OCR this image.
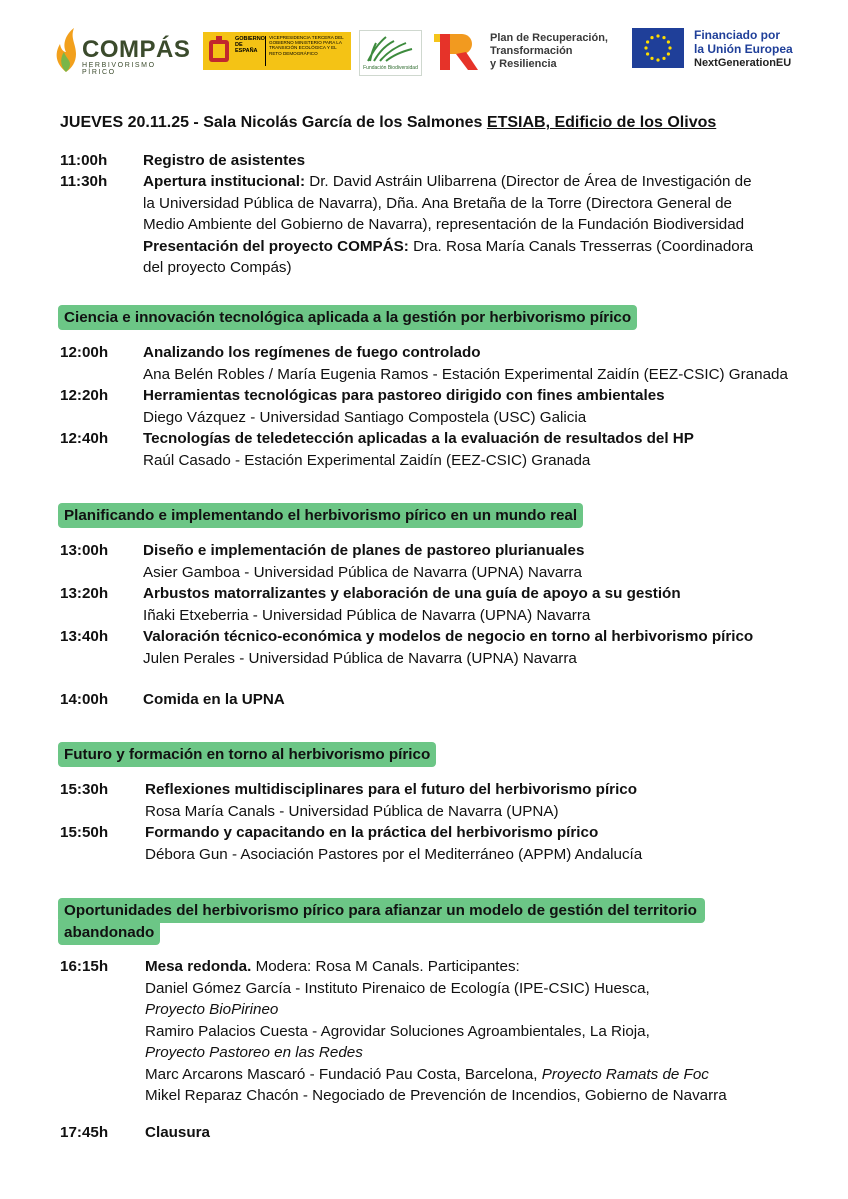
COMPÁS
HERBIVORISMO PÍRICO
GOBIERNO DE ESPAÑA
VICEPRESIDENCIA TERCERA DEL GOBIERNO MINISTERIO PARA LA TRANSICIÓN ECOLÓGICA Y EL RETO DEMOGRÁFICO
Fundación Biodiversidad
Plan de Recuperación,
Transformación
y Resiliencia
Financiado por
la Unión Europea
NextGenerationEU
JUEVES 20.11.25 - Sala Nicolás García de los Salmones ETSIAB, Edificio de los Olivos
11:00h	Registro de asistentes
11:30h	Apertura institucional: Dr. David Astráin Ulibarrena (Director de Área de Investigación de
la Universidad Pública de Navarra), Dña. Ana Bretaña de la Torre (Directora General de
Medio Ambiente del Gobierno de Navarra), representación de la Fundación Biodiversidad
Presentación del proyecto COMPÁS: Dra. Rosa María Canals Tresserras (Coordinadora
del proyecto Compás)
Ciencia e innovación tecnológica aplicada a la gestión por herbivorismo pírico
12:00h	Analizando los regímenes de fuego controlado
Ana Belén Robles / María Eugenia Ramos - Estación Experimental Zaidín (EEZ-CSIC) Granada
12:20h	Herramientas tecnológicas para pastoreo dirigido con fines ambientales
Diego Vázquez - Universidad Santiago Compostela (USC) Galicia
12:40h	Tecnologías de teledetección aplicadas a la evaluación de resultados del HP
Raúl Casado - Estación Experimental Zaidín (EEZ-CSIC) Granada
Planificando e implementando el herbivorismo pírico en un mundo real
13:00h	Diseño e implementación de planes de pastoreo plurianuales
Asier Gamboa - Universidad Pública de Navarra (UPNA) Navarra
13:20h	Arbustos matorralizantes y elaboración de una guía de apoyo a su gestión
Iñaki Etxeberria - Universidad Pública de Navarra (UPNA) Navarra
13:40h	Valoración técnico-económica y modelos de negocio en torno al herbivorismo pírico
Julen Perales - Universidad Pública de Navarra (UPNA) Navarra
14:00h	Comida en la UPNA
Futuro y formación en torno al herbivorismo pírico
15:30h	Reflexiones multidisciplinares para el futuro del herbivorismo pírico
Rosa María Canals - Universidad Pública de Navarra (UPNA)
15:50h	Formando y capacitando en la práctica del herbivorismo pírico
Débora Gun - Asociación Pastores por el Mediterráneo (APPM) Andalucía
Oportunidades del herbivorismo pírico para afianzar un modelo de gestión del territorio
abandonado
16:15h	Mesa redonda. Modera: Rosa M Canals. Participantes:
Daniel Gómez García - Instituto Pirenaico de Ecología (IPE-CSIC) Huesca,
Proyecto BioPirineo
Ramiro Palacios Cuesta - Agrovidar Soluciones Agroambientales, La Rioja,
Proyecto Pastoreo en las Redes
Marc Arcarons Mascaró - Fundació Pau Costa, Barcelona, Proyecto Ramats de Foc
Mikel Reparaz Chacón - Negociado de Prevención de Incendios, Gobierno de Navarra
17:45h	Clausura
